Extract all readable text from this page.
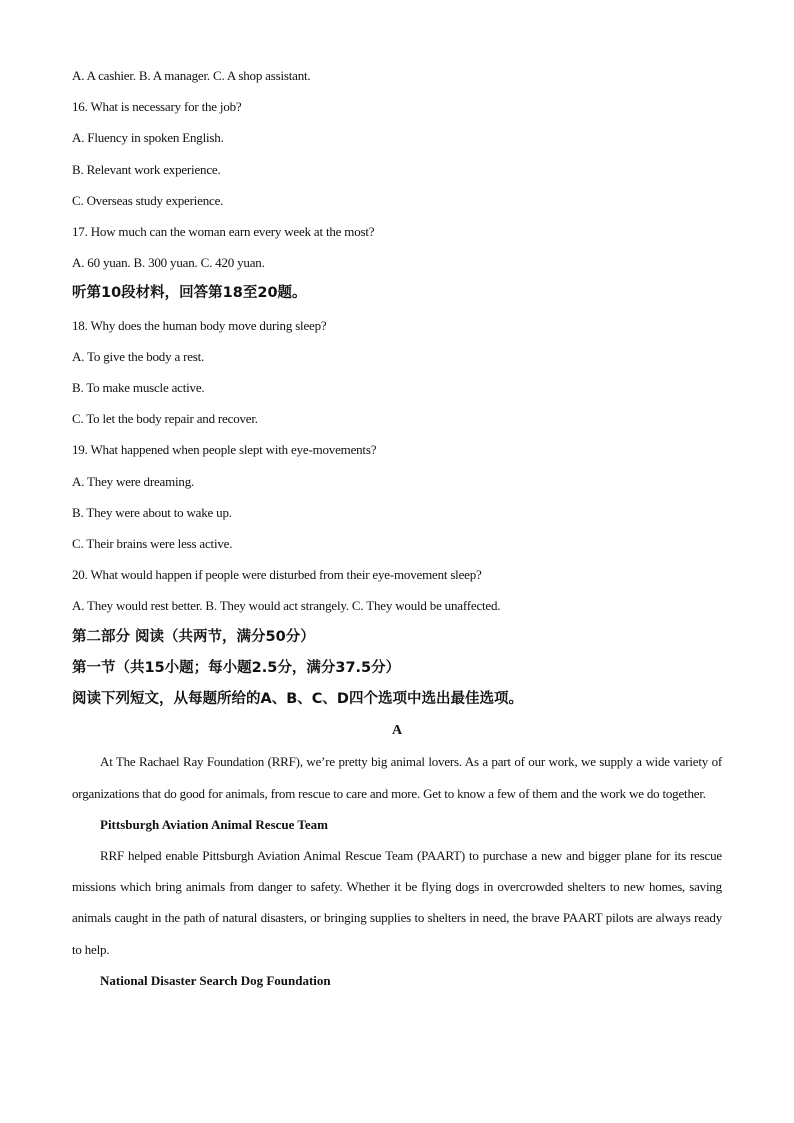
A. A cashier. B. A manager. C. A shop assistant.
16. What is necessary for the job?
A. Fluency in spoken English.
B. Relevant work experience.
C. Overseas study experience.
17. How much can the woman earn every week at the most?
A. 60 yuan. B. 300 yuan. C. 420 yuan.
听第10段材料，回答第18至20题。
18. Why does the human body move during sleep?
A. To give the body a rest.
B. To make muscle active.
C. To let the body repair and recover.
19. What happened when people slept with eye-movements?
A. They were dreaming.
B. They were about to wake up.
C. Their brains were less active.
20. What would happen if people were disturbed from their eye-movement sleep?
A. They would rest better. B. They would act strangely. C. They would be unaffected.
第二部分 阅读（共两节，满分50分）
第一节（共15小题；每小题2.5分，满分37.5分）
阅读下列短文，从每题所给的A、B、C、D四个选项中选出最佳选项。
A
At The Rachael Ray Foundation (RRF), we’re pretty big animal lovers. As a part of our work, we supply a wide variety of organizations that do good for animals, from rescue to care and more. Get to know a few of them and the work we do together.
Pittsburgh Aviation Animal Rescue Team
RRF helped enable Pittsburgh Aviation Animal Rescue Team (PAART) to purchase a new and bigger plane for its rescue missions which bring animals from danger to safety. Whether it be flying dogs in overcrowded shelters to new homes, saving animals caught in the path of natural disasters, or bringing supplies to shelters in need, the brave PAART pilots are always ready to help.
National Disaster Search Dog Foundation
